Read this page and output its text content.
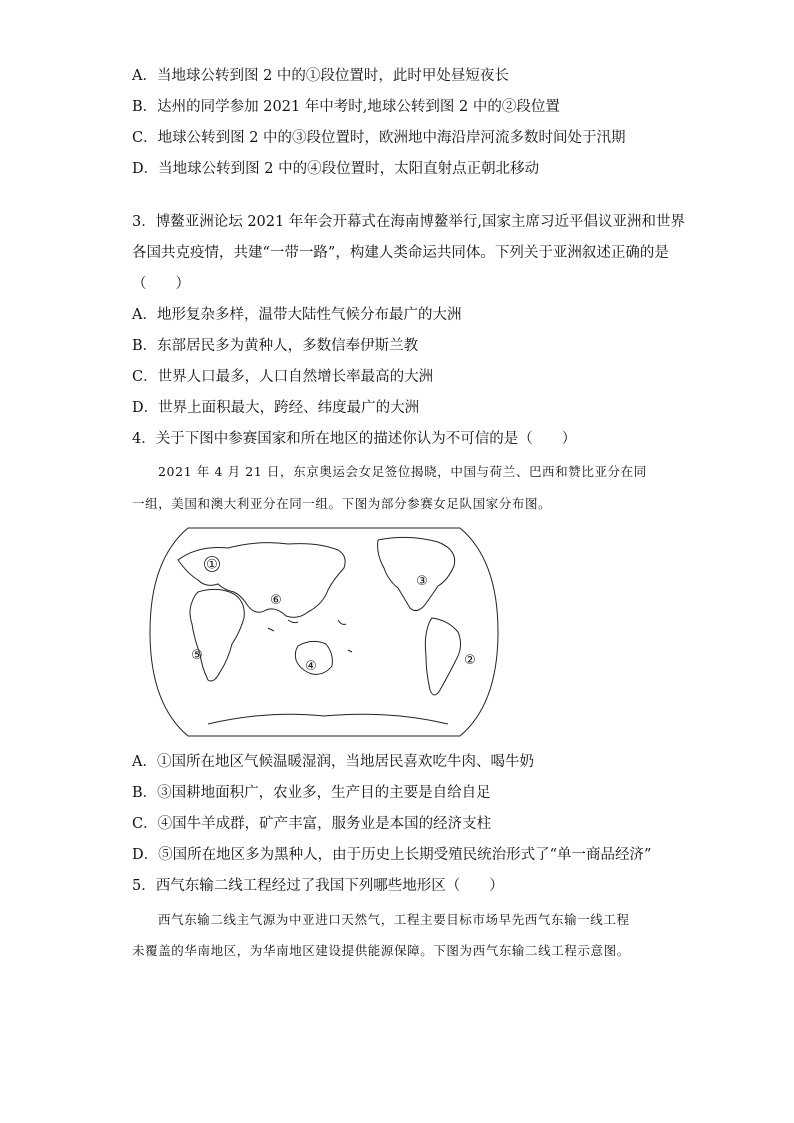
A．当地球公转到图 2 中的①段位置时，此时甲处昼短夜长
B．达州的同学参加 2021 年中考时,地球公转到图 2 中的②段位置
C．地球公转到图 2 中的③段位置时，欧洲地中海沿岸河流多数时间处于汛期
D．当地球公转到图 2 中的④段位置时，太阳直射点正朝北移动
3．博鳌亚洲论坛 2021 年年会开幕式在海南博鳌举行,国家主席习近平倡议亚洲和世界
各国共克疫情，共建“一带一路”，构建人类命运共同体。下列关于亚洲叙述正确的是
（　　）
A．地形复杂多样，温带大陆性气候分布最广的大洲
B．东部居民多为黄种人，多数信奉伊斯兰教
C．世界人口最多，人口自然增长率最高的大洲
D．世界上面积最大，跨经、纬度最广的大洲
4．关于下图中参赛国家和所在地区的描述你认为不可信的是（　　）
2021 年 4 月 21 日，东京奥运会女足签位揭晓，中国与荷兰、巴西和赞比亚分在同
一组，美国和澳大利亚分在同一组。下图为部分参赛女足队国家分布图。
①
②
③
④
⑤
⑥
A．①国所在地区气候温暖湿润，当地居民喜欢吃牛肉、喝牛奶
B．③国耕地面积广，农业多，生产目的主要是自给自足
C．④国牛羊成群，矿产丰富，服务业是本国的经济支柱
D．⑤国所在地区多为黑种人，由于历史上长期受殖民统治形式了“单一商品经济”
5．西气东输二线工程经过了我国下列哪些地形区（　　）
西气东输二线主气源为中亚进口天然气，工程主要目标市场早先西气东输一线工程
未覆盖的华南地区，为华南地区建设提供能源保障。下图为西气东输二线工程示意图。
